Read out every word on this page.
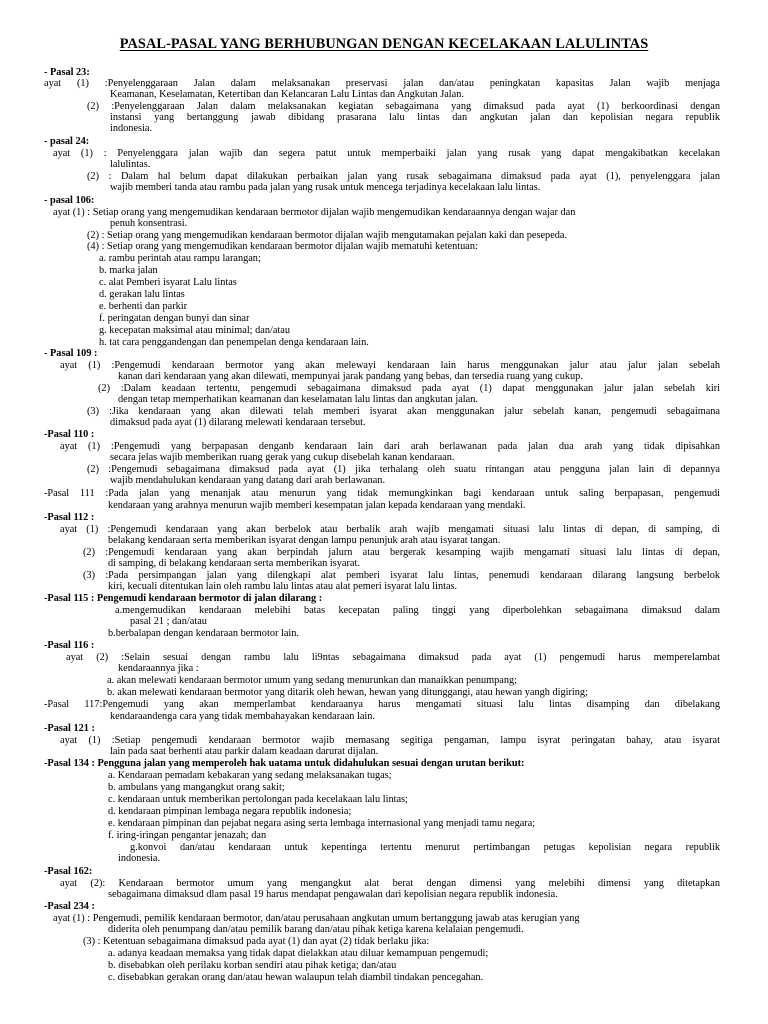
PASAL-PASAL YANG BERHUBUNGAN DENGAN KECELAKAAN LALULINTAS
- Pasal 23:
ayat (1) :Penyelenggaraan Jalan dalam melaksanakan preservasi jalan dan/atau peningkatan kapasitas Jalan wajib menjaga
Keamanan, Keselamatan, Ketertiban dan Kelancaran Lalu Lintas dan Angkutan Jalan.
(2) :Penyelenggaraan Jalan dalam melaksanakan kegiatan sebagaimana yang dimaksud pada ayat (1) berkoordinasi dengan
instansi yang bertanggung jawab dibidang prasarana lalu lintas dan angkutan jalan dan kepolisian negara republik
indonesia.
- pasal 24:
ayat (1) : Penyelenggara jalan wajib dan segera patut untuk memperbaiki jalan yang rusak yang dapat mengakibatkan kecelakan
lalulintas.
(2) : Dalam hal belum dapat dilakukan perbaikan jalan yang rusak sebagaimana dimaksud pada ayat (1), penyelenggara jalan
wajib memberi tanda atau rambu pada jalan yang rusak untuk mencega terjadinya kecelakaan lalu lintas.
- pasal 106:
ayat (1) : Setiap orang yang mengemudikan kendaraan bermotor dijalan wajib mengemudikan kendaraannya dengan wajar dan
penuh konsentrasi.
(2) : Setiap orang yang mengemudikan kendaraan bermotor dijalan wajib mengutamakan pejalan kaki dan pesepeda.
(4) : Setiap orang yang mengemudikan kendaraan bermotor dijalan wajib mematuhi ketentuan:
a. rambu perintah atau rampu larangan;
b. marka jalan
c. alat Pemberi isyarat Lalu lintas
d. gerakan lalu lintas
e. berhenti dan parkir
f. peringatan dengan bunyi dan sinar
g. kecepatan maksimal atau minimal; dan/atau
h. tat cara penggandengan dan penempelan denga kendaraan lain.
- Pasal 109 :
ayat (1) :Pengemudi kendaraan bermotor yang akan melewayi kendaraan lain harus menggunakan jalur atau jalur jalan sebelah
kanan dari kendaraan yang akan dilewati, mempunyai jarak pandang yang bebas, dan tersedia ruang yang cukup.
(2) :Dalam keadaan tertentu, pengemudi sebagaimana dimaksud pada ayat (1) dapat menggunakan jalur jalan sebelah kiri
dengan tetap memperhatikan keamanan dan keselamatan lalu lintas dan angkutan jalan.
(3) :Jika kendaraan yang akan dilewati telah memberi isyarat akan menggunakan jalur sebelah kanan, pengemudi sebagaimana
dimaksud pada ayat (1) dilarang melewati kendaraan tersebut.
-Pasal 110 :
ayat (1) :Pengemudi yang berpapasan denganb kendaraan lain dari arah berlawanan pada jalan dua arah yang tidak dipisahkan
secara jelas wajib memberikan ruang gerak yang cukup disebelah kanan kendaraan.
(2) :Pengemudi sebagaimana dimaksud pada ayat (1) jika terhalang oleh suatu rintangan atau pengguna jalan lain di depannya
wajib mendahulukan kendaraan yang datang dari arah berlawanan.
-Pasal 111 :Pada jalan yang menanjak atau menurun yang tidak memungkinkan bagi kendaraan untuk saling berpapasan, pengemudi
kendaraan yang arahnya menurun wajib memberi kesempatan jalan kepada kendaraan yang mendaki.
-Pasal 112 :
ayat (1) :Pengemudi kendaraan yang akan berbelok atau berbalik arah wajib mengamati situasi lalu lintas di depan, di samping, di
belakang kendaraan serta memberikan isyarat dengan lampu penunjuk arah atau isyarat tangan.
(2) :Pengemudi kendaraan yang akan berpindah jalurn atau bergerak kesamping wajib mengamati situasi lalu lintas di depan,
di samping, di belakang kendaraan serta memberikan isyarat.
(3) :Pada persimpangan jalan yang dilengkapi alat pemberi isyarat lalu lintas, penemudi kendaraan dilarang langsung berbelok
kiri, kecuali ditentukan lain oleh rambu lalu lintas atau alat pemeri isyarat lalu lintas.
-Pasal 115 : Pengemudi kendaraan bermotor di jalan dilarang :
a.mengemudikan kendaraan melebihi batas kecepatan paling tinggi yang diperbolehkan sebagaimana dimaksud dalam
pasal 21 ; dan/atau
b.berbalapan dengan kendaraan bermotor lain.
-Pasal 116 :
ayat (2) :Selain sesuai dengan rambu lalu li9ntas sebagaimana dimaksud pada ayat (1) pengemudi harus memperelambat
kendaraannya jika :
a. akan melewati kendaraan bermotor umum yang sedang menurunkan dan manaikkan penumpang;
b. akan melewati kendaraan bermotor yang ditarik oleh hewan, hewan yang ditunggangi, atau hewan yangh digiring;
-Pasal 117:Pengemudi yang akan memperlambat kendaraanya harus mengamati situasi lalu lintas disamping dan dibelakang
kendaraandenga cara yang tidak membahayakan kendaraan lain.
-Pasal 121 :
ayat (1) :Setiap pengemudi kendaraan bermotor wajib memasang segitiga pengaman, lampu isyrat peringatan bahay, atau isyarat
lain pada saat berhenti atau parkir dalam keadaan darurat dijalan.
-Pasal 134 : Pengguna jalan yang memperoleh hak uatama untuk didahulukan sesuai dengan urutan berikut:
a. Kendaraan pemadam kebakaran yang sedang melaksanakan tugas;
b. ambulans yang mangangkut orang sakit;
c. kendaraan untuk memberikan pertolongan pada kecelakaan lalu lintas;
d. kendaraan pimpinan lembaga negara republik indonesia;
e. kendaraan pimpinan dan pejabat negara asing serta lembaga internasional yang menjadi tamu negara;
f. iring-iringan pengantar jenazah; dan
g.konvoi dan/atau kendaraan untuk kepentinga tertentu menurut pertimbangan petugas kepolisian negara republik
indonesia.
-Pasal 162:
ayat (2): Kendaraan bermotor umum yang mengangkut alat berat dengan dimensi yang melebihi dimensi yang ditetapkan
sebagaimana dimaksud dlam pasal 19 harus mendapat pengawalan dari kepolisian negara republik indonesia.
-Pasal 234 :
ayat (1) : Pengemudi, pemilik kendaraan bermotor, dan/atau perusahaan angkutan umum bertanggung jawab atas kerugian yang
diderita oleh penumpang dan/atau pemilik barang dan/atau pihak ketiga karena kelalaian pengemudi.
(3) : Ketentuan sebagaimana dimaksud pada ayat (1) dan ayat (2) tidak berlaku jika:
a. adanya keadaan memaksa yang tidak dapat dielakkan atau diluar kemampuan pengemudi;
b. disebabkan oleh perilaku korban sendiri atau pihak ketiga; dan/atau
c. disebabkan gerakan orang dan/atau hewan walaupun telah diambil tindakan pencegahan.
